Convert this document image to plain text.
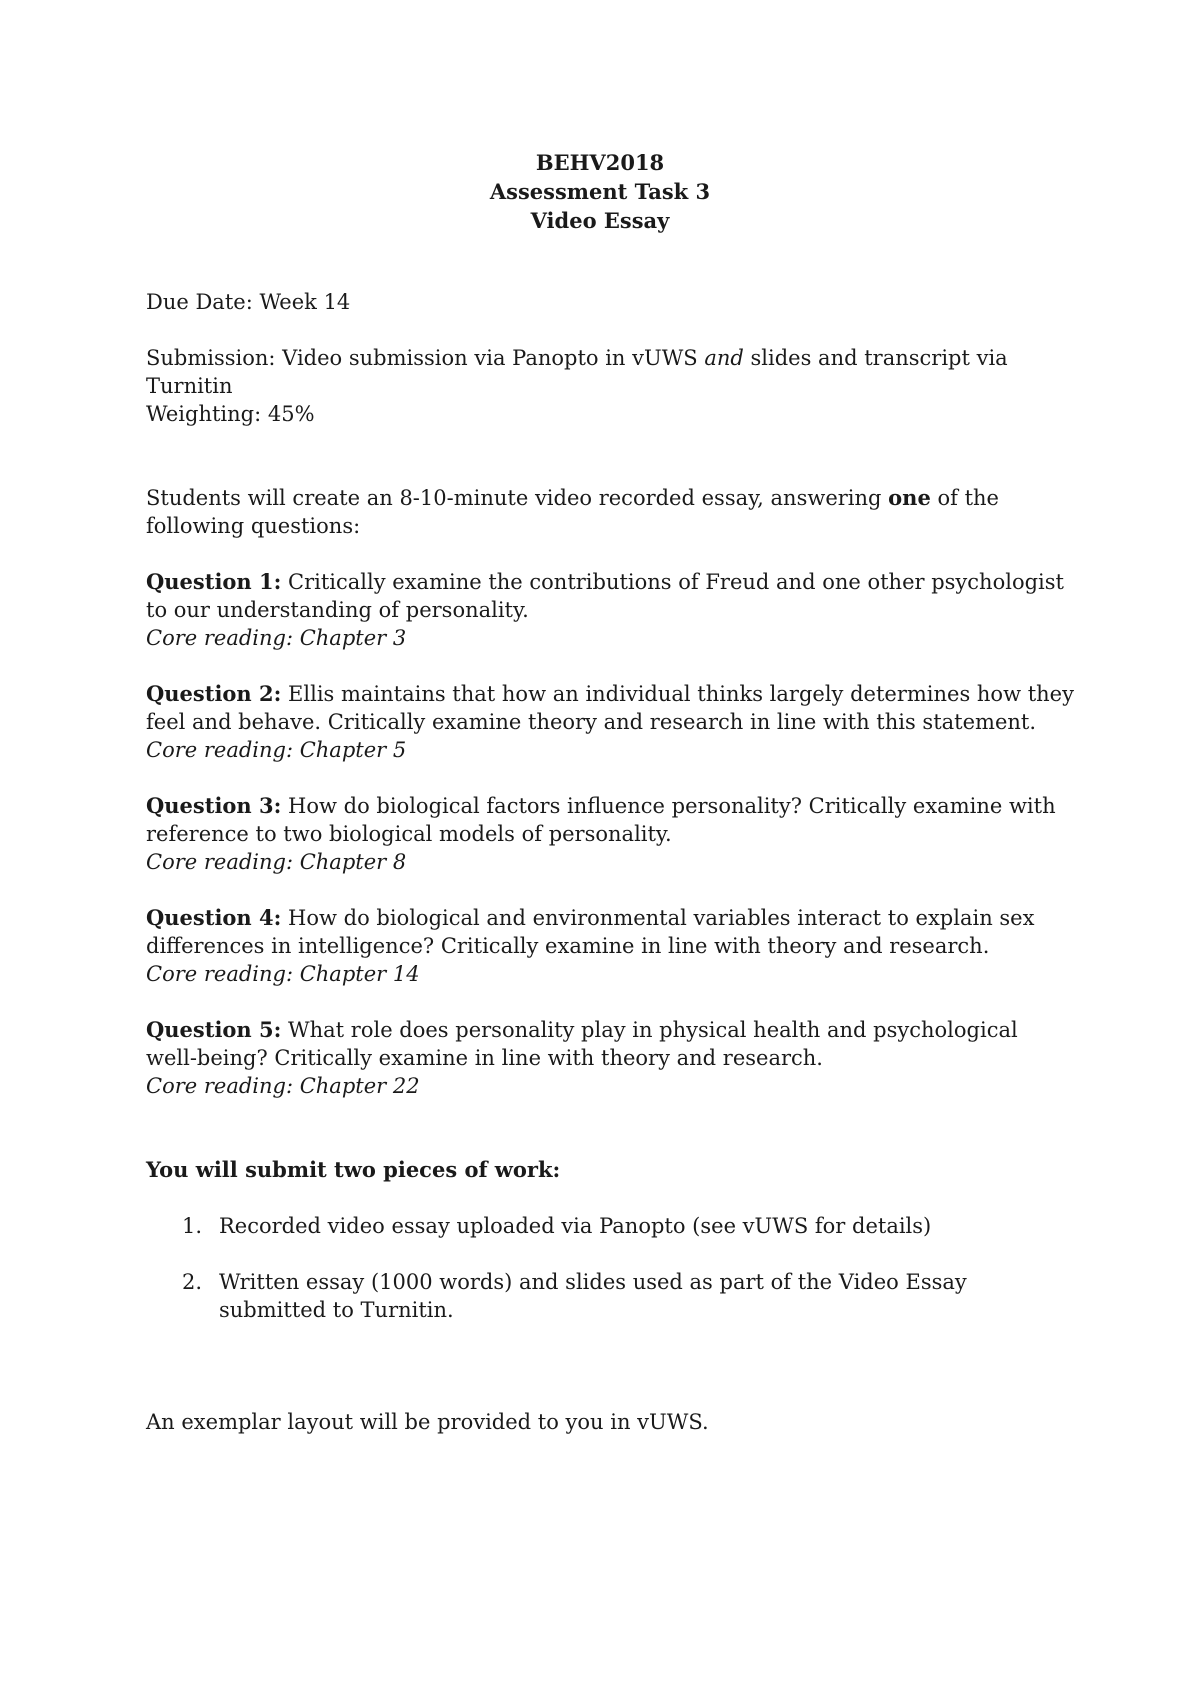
BEHV2018
Assessment Task 3
Video Essay

Due Date: Week 14

Submission: Video submission via Panopto in vUWS and slides and transcript via Turnitin

Weighting: 45%

Students will create an 8-10-minute video recorded essay, answering one of the following questions:

Question 1: Critically examine the contributions of Freud and one other psychologist to our understanding of personality.
Core reading: Chapter 3
Question 2: Ellis maintains that how an individual thinks largely determines how they feel and behave. Critically examine theory and research in line with this statement.
Core reading: Chapter 5
Question 3: How do biological factors influence personality? Critically examine with reference to two biological models of personality.
Core reading: Chapter 8
Question 4: How do biological and environmental variables interact to explain sex differences in intelligence? Critically examine in line with theory and research.
Core reading: Chapter 14
Question 5: What role does personality play in physical health and psychological well-being? Critically examine in line with theory and research.
Core reading: Chapter 22

You will submit two pieces of work:

1. Recorded video essay uploaded via Panopto (see vUWS for details)
2. Written essay (1000 words) and slides used as part of the Video Essay submitted to Turnitin.

An exemplar layout will be provided to you in vUWS.
